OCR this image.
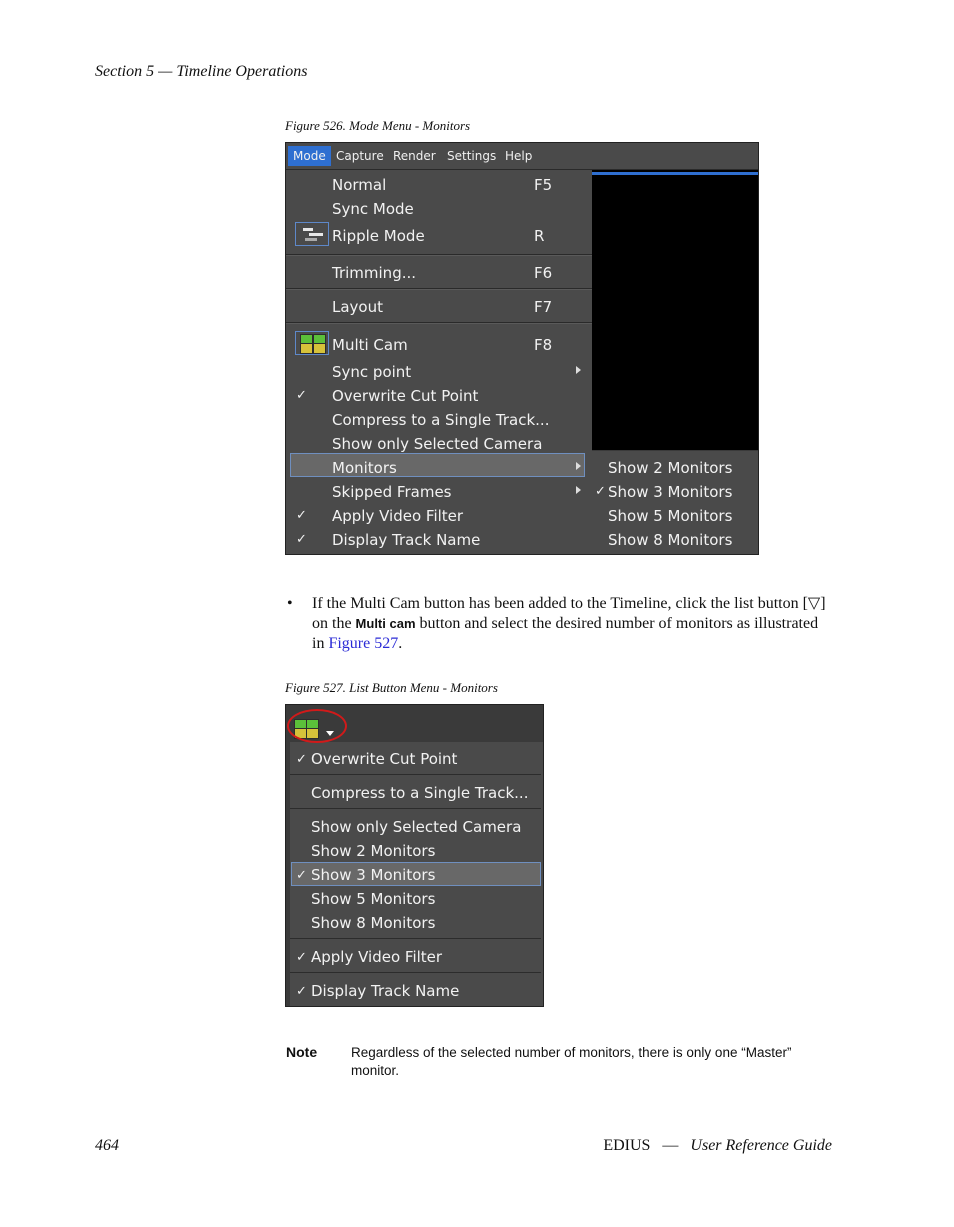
Section 5 — Timeline Operations
Figure 526. Mode Menu - Monitors
Mode Capture Render Settings Help
Normal	F5
Sync Mode
Ripple Mode	R
Trimming...	F6
Layout	F7
Multi Cam	F8
Sync point
✓ Overwrite Cut Point
Compress to a Single Track...
Show only Selected Camera
Monitors
Skipped Frames
✓ Apply Video Filter
✓ Display Track Name
Show 2 Monitors
✓ Show 3 Monitors
Show 5 Monitors
Show 8 Monitors
• If the Multi Cam button has been added to the Timeline, click the list button [▽] on the Multi cam button and select the desired number of monitors as illustrated in Figure 527.
Figure 527. List Button Menu - Monitors
✓ Overwrite Cut Point
Compress to a Single Track...
Show only Selected Camera
Show 2 Monitors
✓ Show 3 Monitors
Show 5 Monitors
Show 8 Monitors
✓ Apply Video Filter
✓ Display Track Name
Note	Regardless of the selected number of monitors, there is only one “Master” monitor.
464	EDIUS — User Reference Guide
